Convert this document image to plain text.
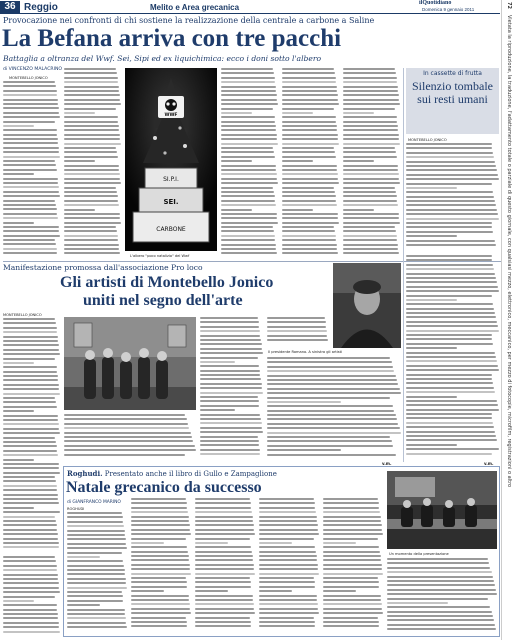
36 Reggio	Melito e Area grecanica	ilQuotidiano
Domenica 9 gennaio 2011
72Vietata la riproduzione, la traduzione, l'adattamento totale o parziale di questo giornale, con qualsiasi mezzo, elettronico, meccanico, per mezzo di fotocopie, microfilm, registrazioni o altro
Provocazione nei confronti di chi sostiene la realizzazione della centrale a carbone a Saline
La Befana arriva con tre pacchi
Battaglia a oltranza del Wwf. Sei, Sipi ed ex liquichimica: ecco i doni sotto l'albero
di VINCENZO MALACRINO
MONTEBELLO JONICO
WWF
SI.P.I.
SEI.
CARBONE
L'albero "poco natalizio" del Wwf
In cassette di frutta
Silenzio tombale sui resti umani
MONTEBELLO JONICO
Manifestazione promossa dall'associazione Pro loco
Gli artisti di Montebello Jonico
uniti nel segno dell'arte
MONTEBELLO JONICO
Il presidente Romano. A sinistra gli artisti
v.m.	v.m.
Roghudi. Presentato anche il libro di Gullo e Zampaglione
Natale grecanico da successo
di GIANFRANCO MARINO
ROGHUDI
Un momento della presentazione
